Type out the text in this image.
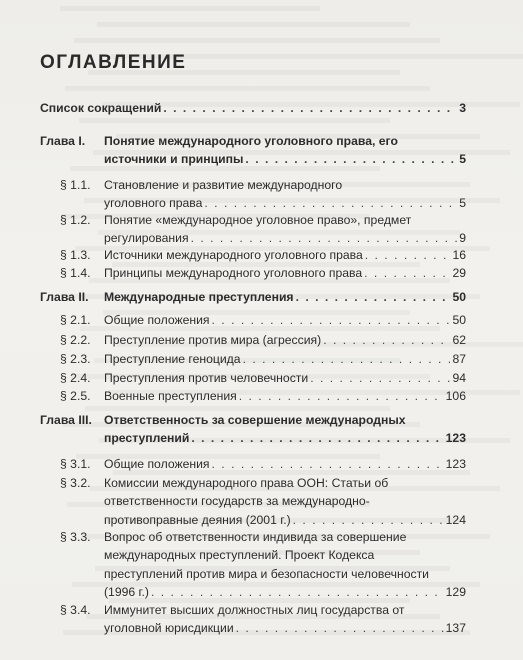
ОГЛАВЛЕНИЕ
Список сокращений . . .	3
Глава I. Понятие международного уголовного права, его
источники и принципы . . .	5
§ 1.1. Становление и развитие международного
уголовного права . . .	5
§ 1.2. Понятие «международное уголовное право», предмет
регулирования . . .	9
§ 1.3. Источники международного уголовного права . . .	16
§ 1.4. Принципы международного уголовного права . . .	29
Глава II. Международные преступления . . .	50
§ 2.1. Общие положения . . .	50
§ 2.2. Преступление против мира (агрессия) . . .	62
§ 2.3. Преступление геноцида . . .	87
§ 2.4. Преступления против человечности . . .	94
§ 2.5. Военные преступления . . .	106
Глава III. Ответственность за совершение международных
преступлений . . .	123
§ 3.1. Общие положения . . .	123
§ 3.2. Комиссии международного права ООН: Статьи об
ответственности государств за международно-
противоправные деяния (2001 г.) . . .	124
§ 3.3. Вопрос об ответственности индивида за совершение
международных преступлений. Проект Кодекса
преступлений против мира и безопасности человечности
(1996 г.) . . .	129
§ 3.4. Иммунитет высших должностных лиц государства от
уголовной юрисдикции . . .	137
